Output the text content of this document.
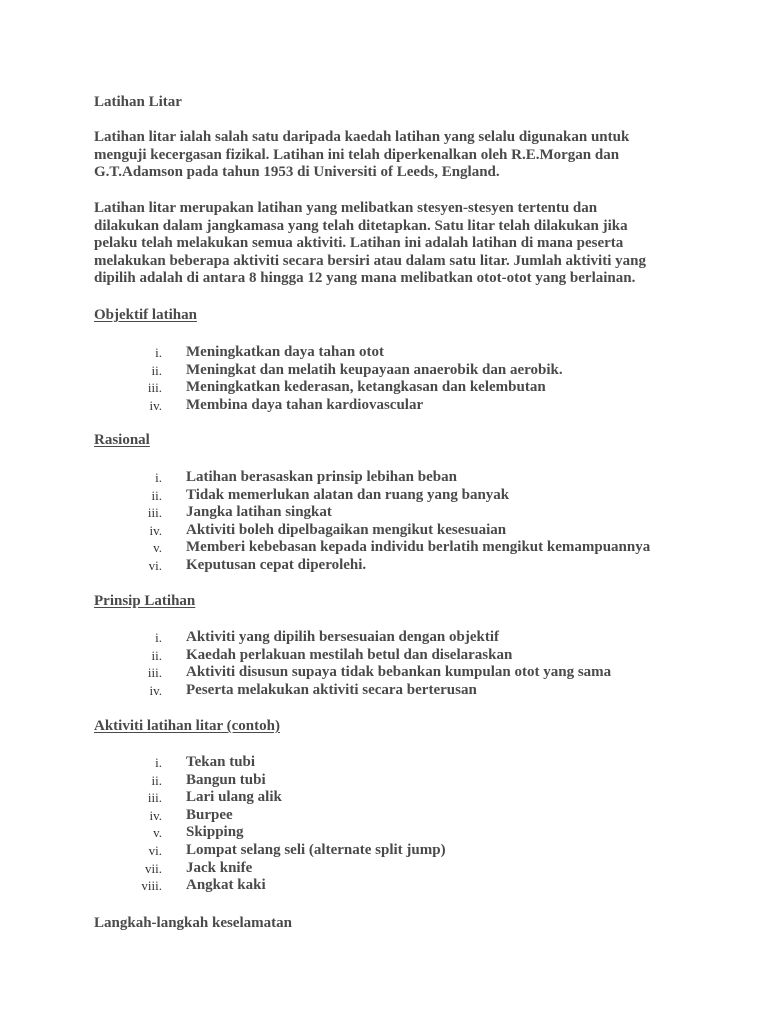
Latihan Litar

Latihan litar ialah salah satu daripada kaedah latihan yang selalu digunakan untuk
menguji kecergasan fizikal. Latihan ini telah diperkenalkan oleh R.E.Morgan dan
G.T.Adamson pada tahun 1953 di Universiti of Leeds, England.

Latihan litar merupakan latihan yang melibatkan stesyen-stesyen tertentu dan
dilakukan dalam jangkamasa yang telah ditetapkan. Satu litar telah dilakukan jika
pelaku telah melakukan semua aktiviti. Latihan ini adalah latihan di mana peserta
melakukan beberapa aktiviti secara bersiri atau dalam satu litar. Jumlah aktiviti yang
dipilih adalah di antara 8 hingga 12 yang mana melibatkan otot-otot yang berlainan.

Objektif latihan

i. Meningkatkan daya tahan otot
ii. Meningkat dan melatih keupayaan anaerobik dan aerobik.
iii. Meningkatkan kederasan, ketangkasan dan kelembutan
iv. Membina daya tahan kardiovascular

Rasional

i. Latihan berasaskan prinsip lebihan beban
ii. Tidak memerlukan alatan dan ruang yang banyak
iii. Jangka latihan singkat
iv. Aktiviti boleh dipelbagaikan mengikut kesesuaian
v. Memberi kebebasan kepada individu berlatih mengikut kemampuannya
vi. Keputusan cepat diperolehi.

Prinsip Latihan

i. Aktiviti yang dipilih bersesuaian dengan objektif
ii. Kaedah perlakuan mestilah betul dan diselaraskan
iii. Aktiviti disusun supaya tidak bebankan kumpulan otot yang sama
iv. Peserta melakukan aktiviti secara berterusan

Aktiviti latihan litar (contoh)

i. Tekan tubi
ii. Bangun tubi
iii. Lari ulang alik
iv. Burpee
v. Skipping
vi. Lompat selang seli (alternate split jump)
vii. Jack knife
viii. Angkat kaki

Langkah-langkah keselamatan
